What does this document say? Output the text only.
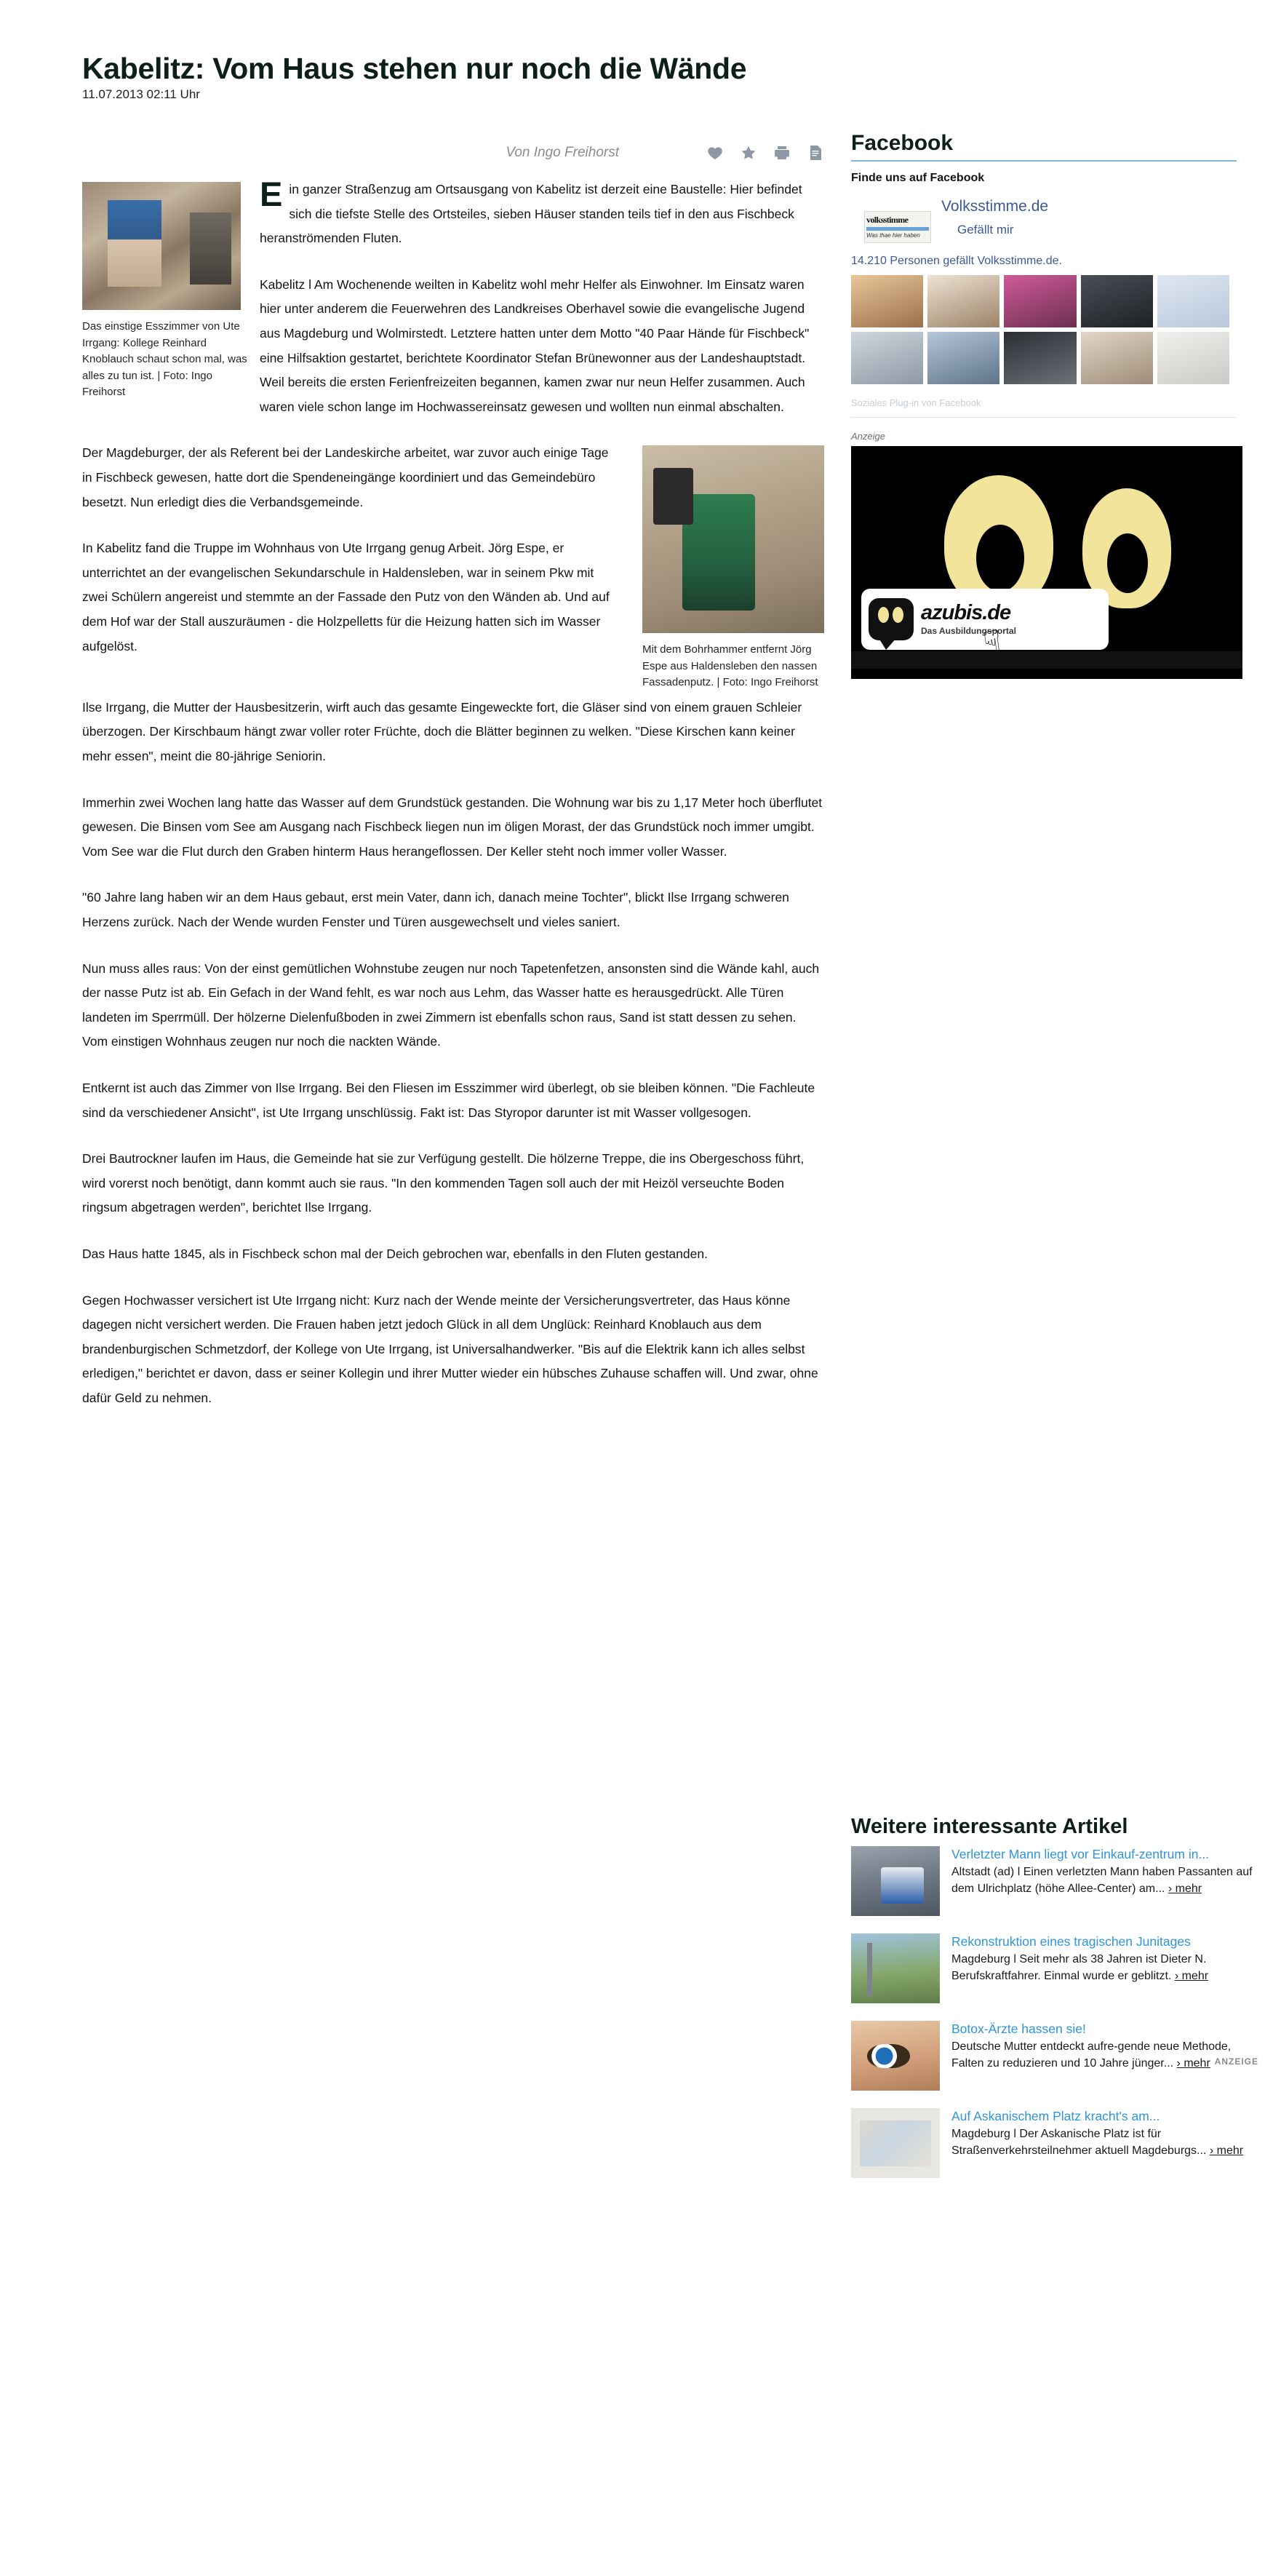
Kabelitz: Vom Haus stehen nur noch die Wände
11.07.2013 02:11 Uhr
Von Ingo Freihorst
Das einstige Esszimmer von Ute Irrgang: Kollege Reinhard Knoblauch schaut schon mal, was alles zu tun ist. | Foto: Ingo Freihorst

Ein ganzer Straßenzug am Ortsausgang von Kabelitz ist derzeit eine Baustelle: Hier befindet sich die tiefste Stelle des Ortsteiles, sieben Häuser standen teils tief in den aus Fischbeck heranströmenden Fluten.

Kabelitz l Am Wochenende weilten in Kabelitz wohl mehr Helfer als Einwohner. Im Einsatz waren hier unter anderem die Feuerwehren des Landkreises Oberhavel sowie die evangelische Jugend aus Magdeburg und Wolmirstedt. Letztere hatten unter dem Motto "40 Paar Hände für Fischbeck" eine Hilfsaktion gestartet, berichtete Koordinator Stefan Brünewonner aus der Landeshauptstadt. Weil bereits die ersten Ferienfreizeiten begannen, kamen zwar nur neun Helfer zusammen. Auch waren viele schon lange im Hochwassereinsatz gewesen und wollten nun einmal abschalten.

Mit dem Bohrhammer entfernt Jörg Espe aus Haldensleben den nassen Fassadenputz. | Foto: Ingo Freihorst

Der Magdeburger, der als Referent bei der Landeskirche arbeitet, war zuvor auch einige Tage in Fischbeck gewesen, hatte dort die Spendeneingänge koordiniert und das Gemeindebüro besetzt. Nun erledigt dies die Verbandsgemeinde.

In Kabelitz fand die Truppe im Wohnhaus von Ute Irrgang genug Arbeit. Jörg Espe, er unterrichtet an der evangelischen Sekundarschule in Haldensleben, war in seinem Pkw mit zwei Schülern angereist und stemmte an der Fassade den Putz von den Wänden ab. Und auf dem Hof war der Stall auszuräumen - die Holzpelletts für die Heizung hatten sich im Wasser aufgelöst.

Ilse Irrgang, die Mutter der Hausbesitzerin, wirft auch das gesamte Eingeweckte fort, die Gläser sind von einem grauen Schleier überzogen. Der Kirschbaum hängt zwar voller roter Früchte, doch die Blätter beginnen zu welken. "Diese Kirschen kann keiner mehr essen", meint die 80-jährige Seniorin.

Immerhin zwei Wochen lang hatte das Wasser auf dem Grundstück gestanden. Die Wohnung war bis zu 1,17 Meter hoch überflutet gewesen. Die Binsen vom See am Ausgang nach Fischbeck liegen nun im öligen Morast, der das Grundstück noch immer umgibt. Vom See war die Flut durch den Graben hinterm Haus herangeflossen. Der Keller steht noch immer voller Wasser.

"60 Jahre lang haben wir an dem Haus gebaut, erst mein Vater, dann ich, danach meine Tochter", blickt Ilse Irrgang schweren Herzens zurück. Nach der Wende wurden Fenster und Türen ausgewechselt und vieles saniert.

Nun muss alles raus: Von der einst gemütlichen Wohnstube zeugen nur noch Tapetenfetzen, ansonsten sind die Wände kahl, auch der nasse Putz ist ab. Ein Gefach in der Wand fehlt, es war noch aus Lehm, das Wasser hatte es herausgedrückt. Alle Türen landeten im Sperrmüll. Der hölzerne Dielenfußboden in zwei Zimmern ist ebenfalls schon raus, Sand ist statt dessen zu sehen. Vom einstigen Wohnhaus zeugen nur noch die nackten Wände.

Entkernt ist auch das Zimmer von Ilse Irrgang. Bei den Fliesen im Esszimmer wird überlegt, ob sie bleiben können. "Die Fachleute sind da verschiedener Ansicht", ist Ute Irrgang unschlüssig. Fakt ist: Das Styropor darunter ist mit Wasser vollgesogen.

Drei Bautrockner laufen im Haus, die Gemeinde hat sie zur Verfügung gestellt. Die hölzerne Treppe, die ins Obergeschoss führt, wird vorerst noch benötigt, dann kommt auch sie raus. "In den kommenden Tagen soll auch der mit Heizöl verseuchte Boden ringsum abgetragen werden", berichtet Ilse Irrgang.

Das Haus hatte 1845, als in Fischbeck schon mal der Deich gebrochen war, ebenfalls in den Fluten gestanden.

Gegen Hochwasser versichert ist Ute Irrgang nicht: Kurz nach der Wende meinte der Versicherungsvertreter, das Haus könne dagegen nicht versichert werden. Die Frauen haben jetzt jedoch Glück in all dem Unglück: Reinhard Knoblauch aus dem brandenburgischen Schmetzdorf, der Kollege von Ute Irrgang, ist Universalhandwerker. "Bis auf die Elektrik kann ich alles selbst erledigen," berichtet er davon, dass er seiner Kollegin und ihrer Mutter wieder ein hübsches Zuhause schaffen will. Und zwar, ohne dafür Geld zu nehmen.

Facebook
Finde uns auf Facebook
volksstimme
Was thae hier haben
Volksstimme.de
Gefällt mir
14.210 Personen gefällt Volksstimme.de.
Soziales Plug-in von Facebook
Anzeige
azubis.de
Das Ausbildungsportal
☟
Weitere interessante Artikel
Verletzter Mann liegt vor Einkauf-zentrum in...
Altstadt (ad) l Einen verletzten Mann haben Passanten auf dem Ulrichplatz (höhe Allee-Center) am... › mehr
Rekonstruktion eines tragischen Junitages
Magdeburg l Seit mehr als 38 Jahren ist Dieter N. Berufskraftfahrer. Einmal wurde er geblitzt. › mehr
Botox-Ärzte hassen sie!
Deutsche Mutter entdeckt aufre-gende neue Methode, Falten zu reduzieren und 10 Jahre jünger... › mehr ANZEIGE
Auf Askanischem Platz kracht's am...
Magdeburg l Der Askanische Platz ist für Straßenverkehrsteilnehmer aktuell Magdeburgs... › mehr
